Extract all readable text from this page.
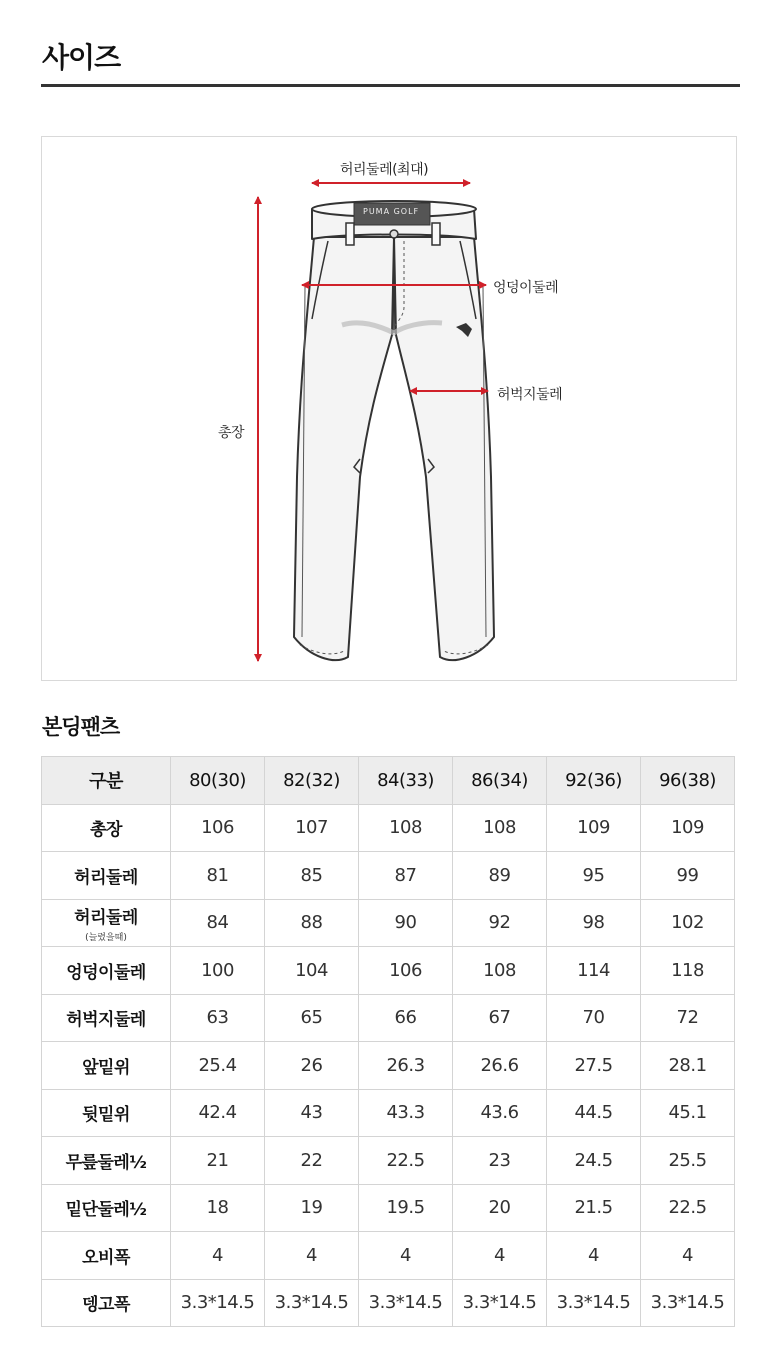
사이즈
PUMA GOLF
허리둘레(최대)
엉덩이둘레
허벅지둘레
총장
본딩팬츠
구분	80(30)	82(32)	84(33)	86(34)	92(36)	96(38)
총장	106	107	108	108	109	109
허리둘레	81	85	87	89	95	99
허리둘레
(늘렸을때)	84	88	90	92	98	102
엉덩이둘레	100	104	106	108	114	118
허벅지둘레	63	65	66	67	70	72
앞밑위	25.4	26	26.3	26.6	27.5	28.1
뒷밑위	42.4	43	43.3	43.6	44.5	45.1
무릎둘레½	21	22	22.5	23	24.5	25.5
밑단둘레½	18	19	19.5	20	21.5	22.5
오비폭	4	4	4	4	4	4
뎅고폭	3.3*14.5	3.3*14.5	3.3*14.5	3.3*14.5	3.3*14.5	3.3*14.5
